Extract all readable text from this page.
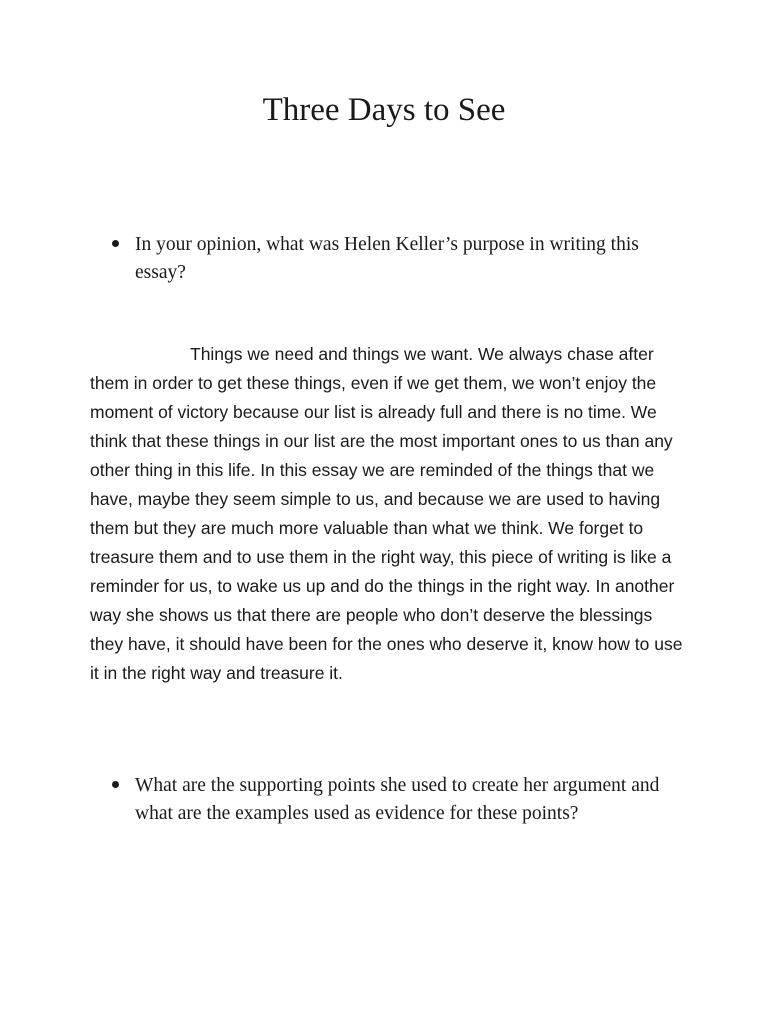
Three Days to See
In your opinion, what was Helen Keller’s purpose in writing this essay?

Things we need and things we want. We always chase after them in order to get these things, even if we get them, we won’t enjoy the moment of victory because our list is already full and there is no time. We think that these things in our list are the most important ones to us than any other thing in this life. In this essay we are reminded of the things that we have, maybe they seem simple to us, and because we are used to having them but they are much more valuable than what we think. We forget to treasure them and to use them in the right way, this piece of writing is like a reminder for us, to wake us up and do the things in the right way. In another way she shows us that there are people who don’t deserve the blessings they have, it should have been for the ones who deserve it, know how to use it in the right way and treasure it.

What are the supporting points she used to create her argument and what are the examples used as evidence for these points?
